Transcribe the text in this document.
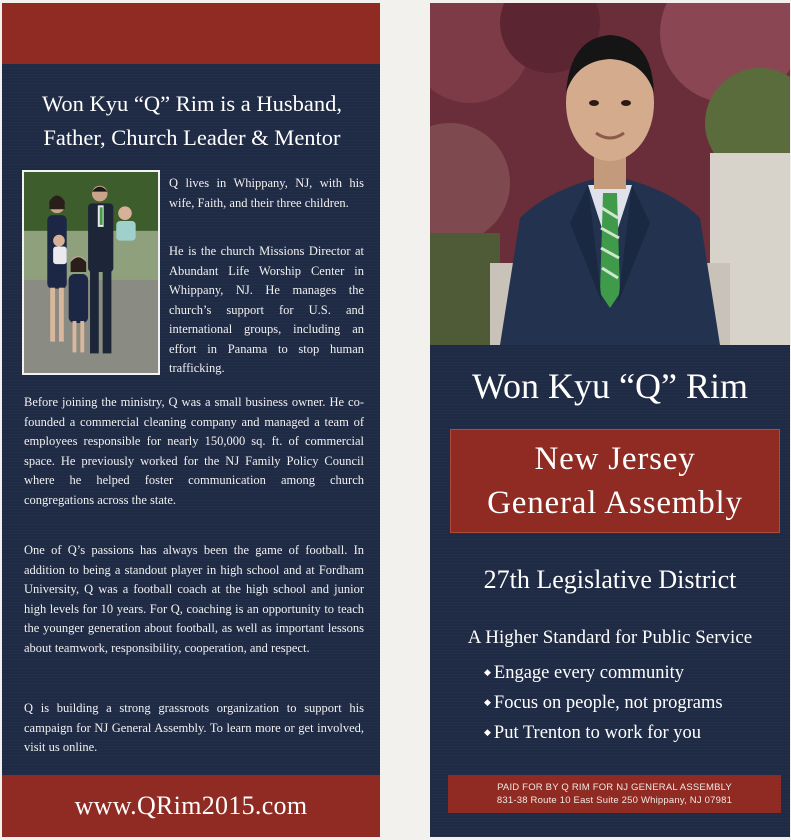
Won Kyu “Q” Rim is a Husband,
Father, Church Leader & Mentor

Q lives in Whippany, NJ, with his wife, Faith, and their three children.

He is the church Missions Director at Abundant Life Worship Center in Whippany, NJ. He manages the church’s support for U.S. and international groups, including an effort in Panama to stop human trafficking.

Before joining the ministry, Q was a small business owner. He co-founded a commercial cleaning company and managed a team of employees responsible for nearly 150,000 sq. ft. of commercial space. He previously worked for the NJ Family Policy Council where he helped foster communication among church congregations across the state.

One of Q’s passions has always been the game of football. In addition to being a standout player in high school and at Fordham University, Q was a football coach at the high school and junior high levels for 10 years. For Q, coaching is an opportunity to teach the younger generation about football, as well as important lessons about teamwork, responsibility, cooperation, and respect.

Q is building a strong grassroots organization to support his campaign for NJ General Assembly. To learn more or get involved, visit us online.

www.QRim2015.com
Won Kyu “Q” Rim
New Jersey
General Assembly
27th Legislative District
A Higher Standard for Public Service
◆ Engage every community
◆ Focus on people, not programs
◆ Put Trenton to work for you
PAID FOR BY Q RIM FOR NJ GENERAL ASSEMBLY
831-38 Route 10 East Suite 250 Whippany, NJ 07981
